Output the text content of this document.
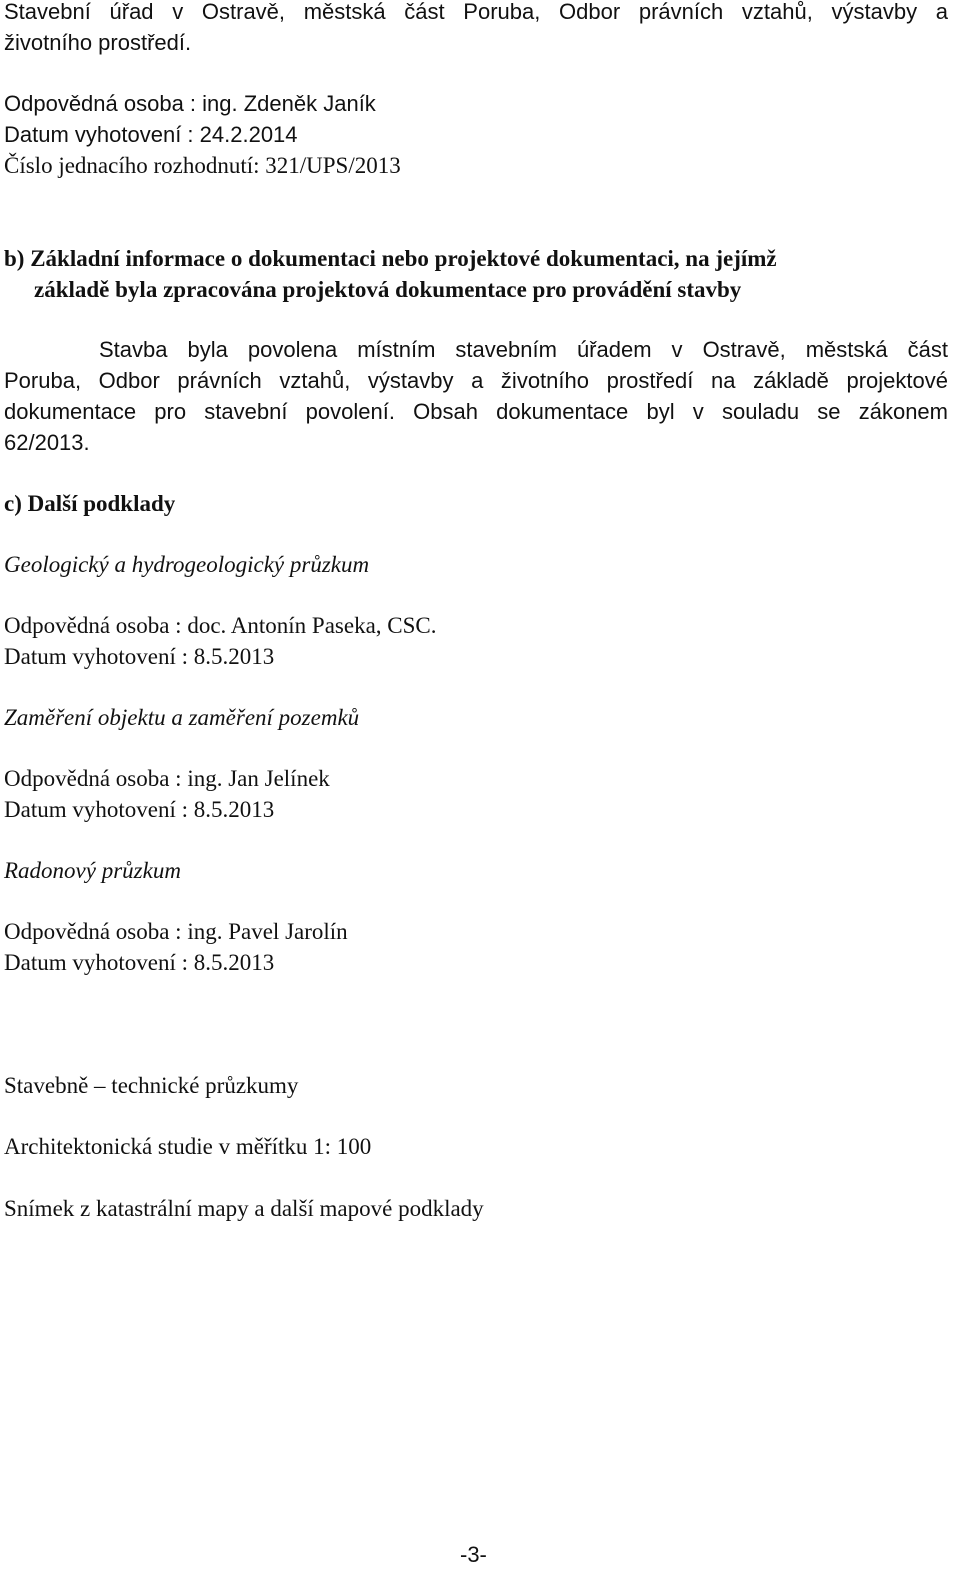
Stavební úřad v Ostravě, městská část Poruba, Odbor právních vztahů, výstavby a
životního prostředí.
Odpovědná osoba : ing. Zdeněk Janík
Datum vyhotovení : 24.2.2014
Číslo jednacího rozhodnutí: 321/UPS/2013
b) Základní informace o dokumentaci nebo projektové dokumentaci, na jejímž
základě byla zpracována projektová dokumentace pro provádění stavby
Stavba byla povolena místním stavebním úřadem v Ostravě, městská část
Poruba, Odbor právních vztahů, výstavby a životního prostředí na základě projektové
dokumentace pro stavební povolení. Obsah dokumentace byl v souladu se zákonem
62/2013.
c) Další podklady
Geologický a hydrogeologický průzkum
Odpovědná osoba : doc. Antonín Paseka, CSC.
Datum vyhotovení : 8.5.2013
Zaměření objektu a zaměření pozemků
Odpovědná osoba : ing. Jan Jelínek
Datum vyhotovení : 8.5.2013
Radonový průzkum
Odpovědná osoba : ing. Pavel Jarolín
Datum vyhotovení : 8.5.2013
Stavebně – technické průzkumy
Architektonická studie v měřítku 1: 100
Snímek z katastrální mapy a další mapové podklady
-3-
